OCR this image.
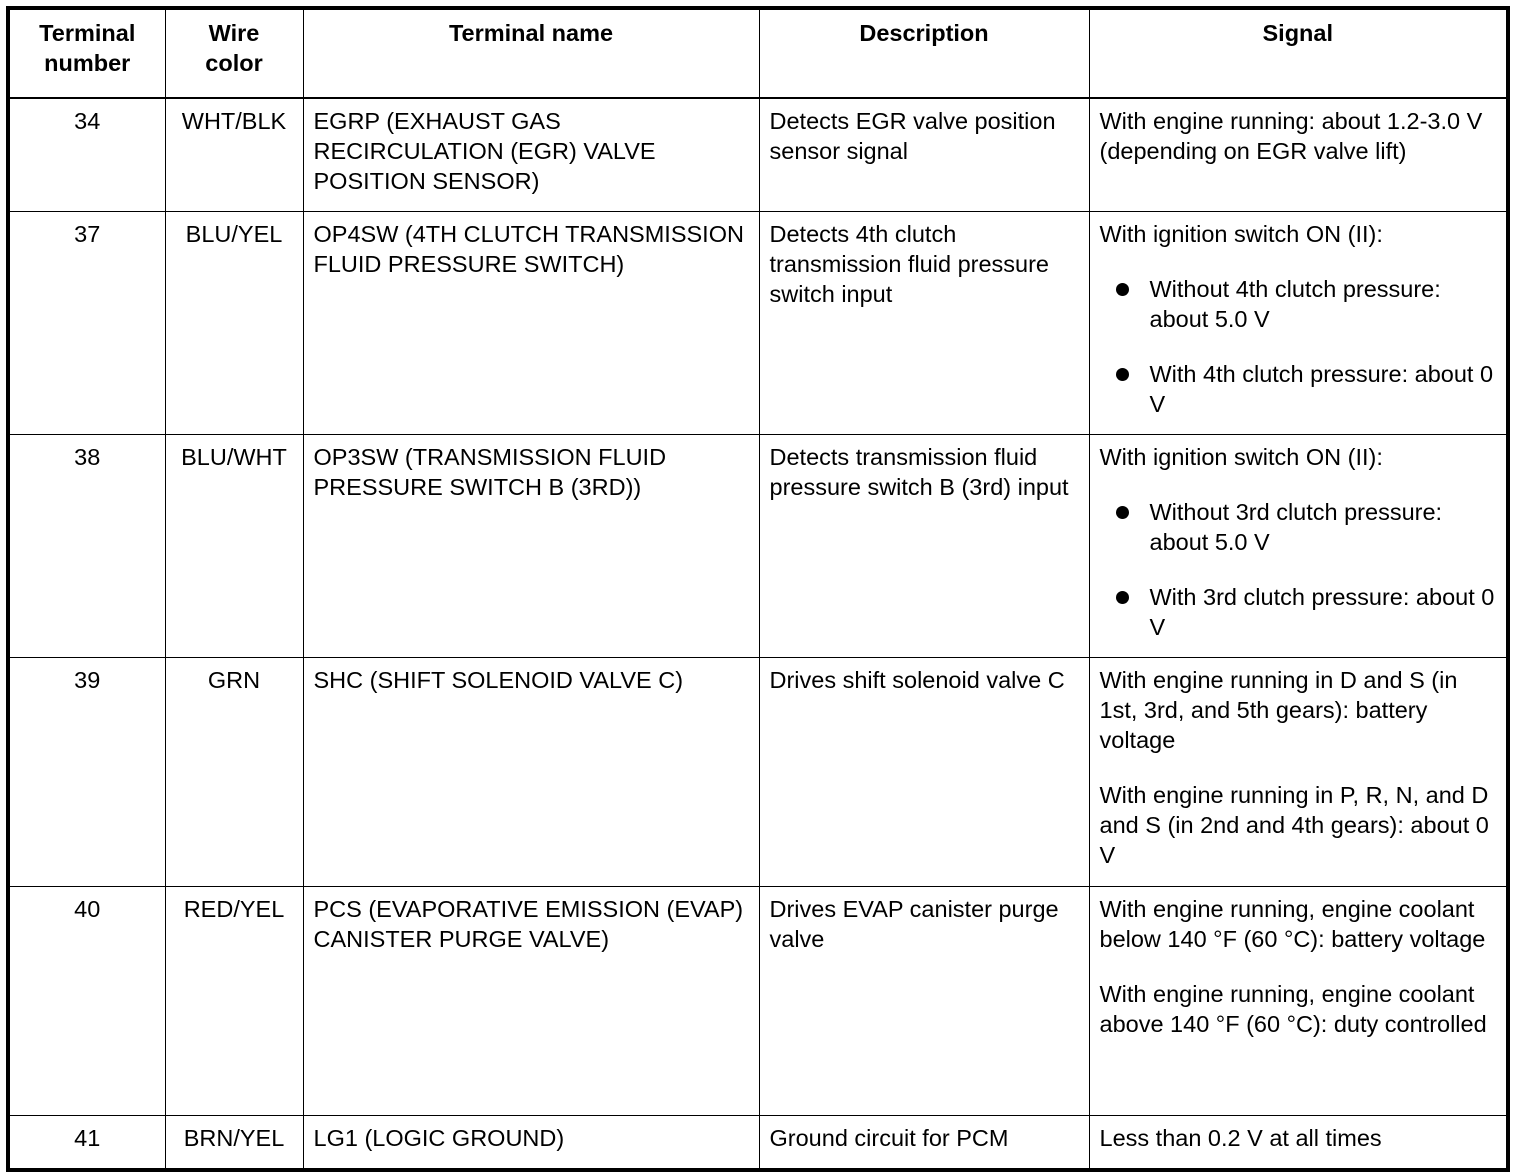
Terminal number	Wire color	Terminal name	Description	Signal
34	WHT/BLK	EGRP (EXHAUST GAS RECIRCULATION (EGR) VALVE POSITION SENSOR)	Detects EGR valve position sensor signal	With engine running: about 1.2-3.0 V (depending on EGR valve lift)

37	BLU/YEL	OP4SW (4TH CLUTCH TRANSMISSION FLUID PRESSURE SWITCH)	Detects 4th clutch transmission fluid pressure switch input	With ignition switch ON (II):
Without 4th clutch pressure: about 5.0 V
With 4th clutch pressure: about 0 V

38	BLU/WHT	OP3SW (TRANSMISSION FLUID PRESSURE SWITCH B (3RD))	Detects transmission fluid pressure switch B (3rd) input	With ignition switch ON (II):
Without 3rd clutch pressure: about 5.0 V
With 3rd clutch pressure: about 0 V

39	GRN	SHC (SHIFT SOLENOID VALVE C)	Drives shift solenoid valve C	With engine running in D and S (in 1st, 3rd, and 5th gears): battery voltage
With engine running in P, R, N, and D and S (in 2nd and 4th gears): about 0 V

40	RED/YEL	PCS (EVAPORATIVE EMISSION (EVAP) CANISTER PURGE VALVE)	Drives EVAP canister purge valve	With engine running, engine coolant below 140 °F (60 °C): battery voltage
With engine running, engine coolant above 140 °F (60 °C): duty controlled

41	BRN/YEL	LG1 (LOGIC GROUND)	Ground circuit for PCM	Less than 0.2 V at all times
